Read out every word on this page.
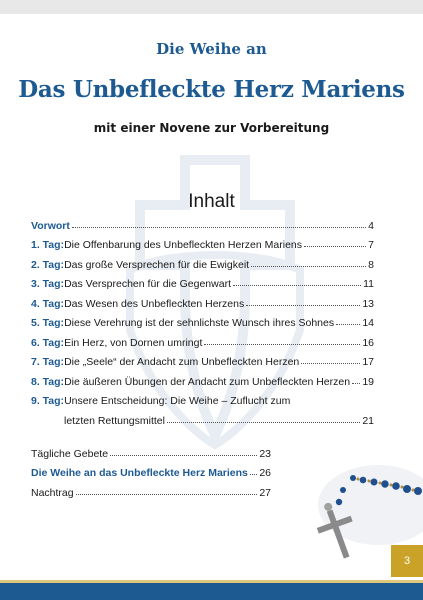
Die Weihe an
Das Unbefleckte Herz Mariens
mit einer Novene zur Vorbereitung
Inhalt
Vorwort	4
1. Tag: Die Offenbarung des Unbefleckten Herzen Mariens	7
2. Tag: Das große Versprechen für die Ewigkeit	8
3. Tag: Das Versprechen für die Gegenwart	11
4. Tag: Das Wesen des Unbefleckten Herzens	13
5. Tag: Diese Verehrung ist der sehnlichste Wunsch ihres Sohnes	14
6. Tag: Ein Herz, von Dornen umringt	16
7. Tag: Die „Seele“ der Andacht zum Unbefleckten Herzen	17
8. Tag: Die äußeren Übungen der Andacht zum Unbefleckten Herzen 19
9. Tag: Unsere Entscheidung: Die Weihe – Zuflucht zum
letzten Rettungsmittel	21
Tägliche Gebete	23
Die Weihe an das Unbefleckte Herz Mariens 26
Nachtrag	27
3
